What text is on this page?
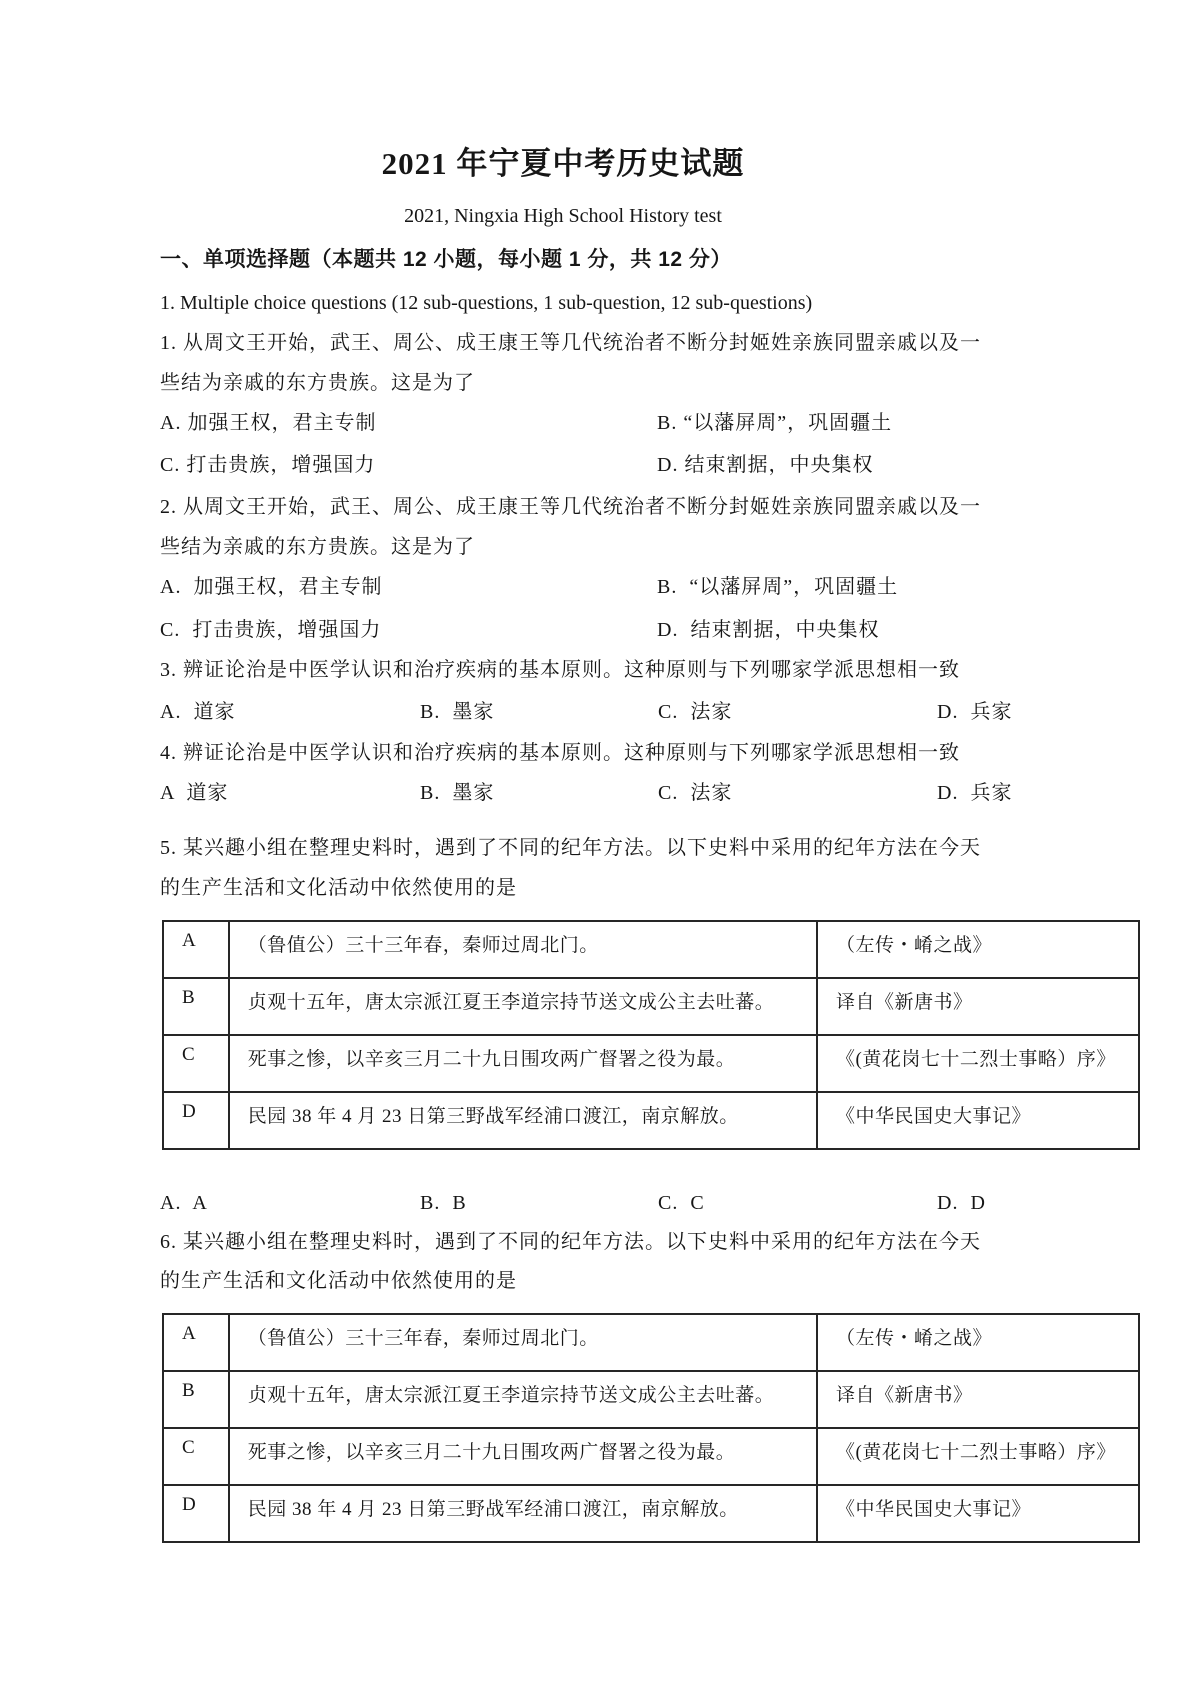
2021 年宁夏中考历史试题
2021, Ningxia High School History test
一、单项选择题（本题共 12 小题，每小题 1 分，共 12 分）
1. Multiple choice questions (12 sub-questions, 1 sub-question, 12 sub-questions)
1. 从周文王开始，武王、周公、成王康王等几代统治者不断分封姬姓亲族同盟亲戚以及一
些结为亲戚的东方贵族。这是为了
A. 加强王权，君主专制	B. “以藩屏周”，巩固疆土
C. 打击贵族，增强国力	D. 结束割据，中央集权
2. 从周文王开始，武王、周公、成王康王等几代统治者不断分封姬姓亲族同盟亲戚以及一
些结为亲戚的东方贵族。这是为了
A.  加强王权，君主专制	B.  “以藩屏周”，巩固疆土
C.  打击贵族，增强国力	D.  结束割据，中央集权
3. 辨证论治是中医学认识和治疗疾病的基本原则。这种原则与下列哪家学派思想相一致
A.  道家	B.  墨家	C.  法家	D.  兵家
4. 辨证论治是中医学认识和治疗疾病的基本原则。这种原则与下列哪家学派思想相一致
A  道家	B.  墨家	C.  法家	D.  兵家
5. 某兴趣小组在整理史料时，遇到了不同的纪年方法。以下史料中采用的纪年方法在今天
的生产生活和文化活动中依然使用的是
A	（鲁值公）三十三年春，秦师过周北门。	（左传・崤之战》
B	贞观十五年，唐太宗派江夏王李道宗持节送文成公主去吐蕃。	译自《新唐书》
C	死事之惨，以辛亥三月二十九日围攻两广督署之役为最。	《(黄花岗七十二烈士事略）序》
D	民园 38 年 4 月 23 日第三野战军经浦口渡江，南京解放。	《中华民国史大事记》
A.  A	B.  B	C.  C	D.  D
6. 某兴趣小组在整理史料时，遇到了不同的纪年方法。以下史料中采用的纪年方法在今天
的生产生活和文化活动中依然使用的是
A	（鲁值公）三十三年春，秦师过周北门。	（左传・崤之战》
B	贞观十五年，唐太宗派江夏王李道宗持节送文成公主去吐蕃。	译自《新唐书》
C	死事之惨，以辛亥三月二十九日围攻两广督署之役为最。	《(黄花岗七十二烈士事略）序》
D	民园 38 年 4 月 23 日第三野战军经浦口渡江，南京解放。	《中华民国史大事记》
